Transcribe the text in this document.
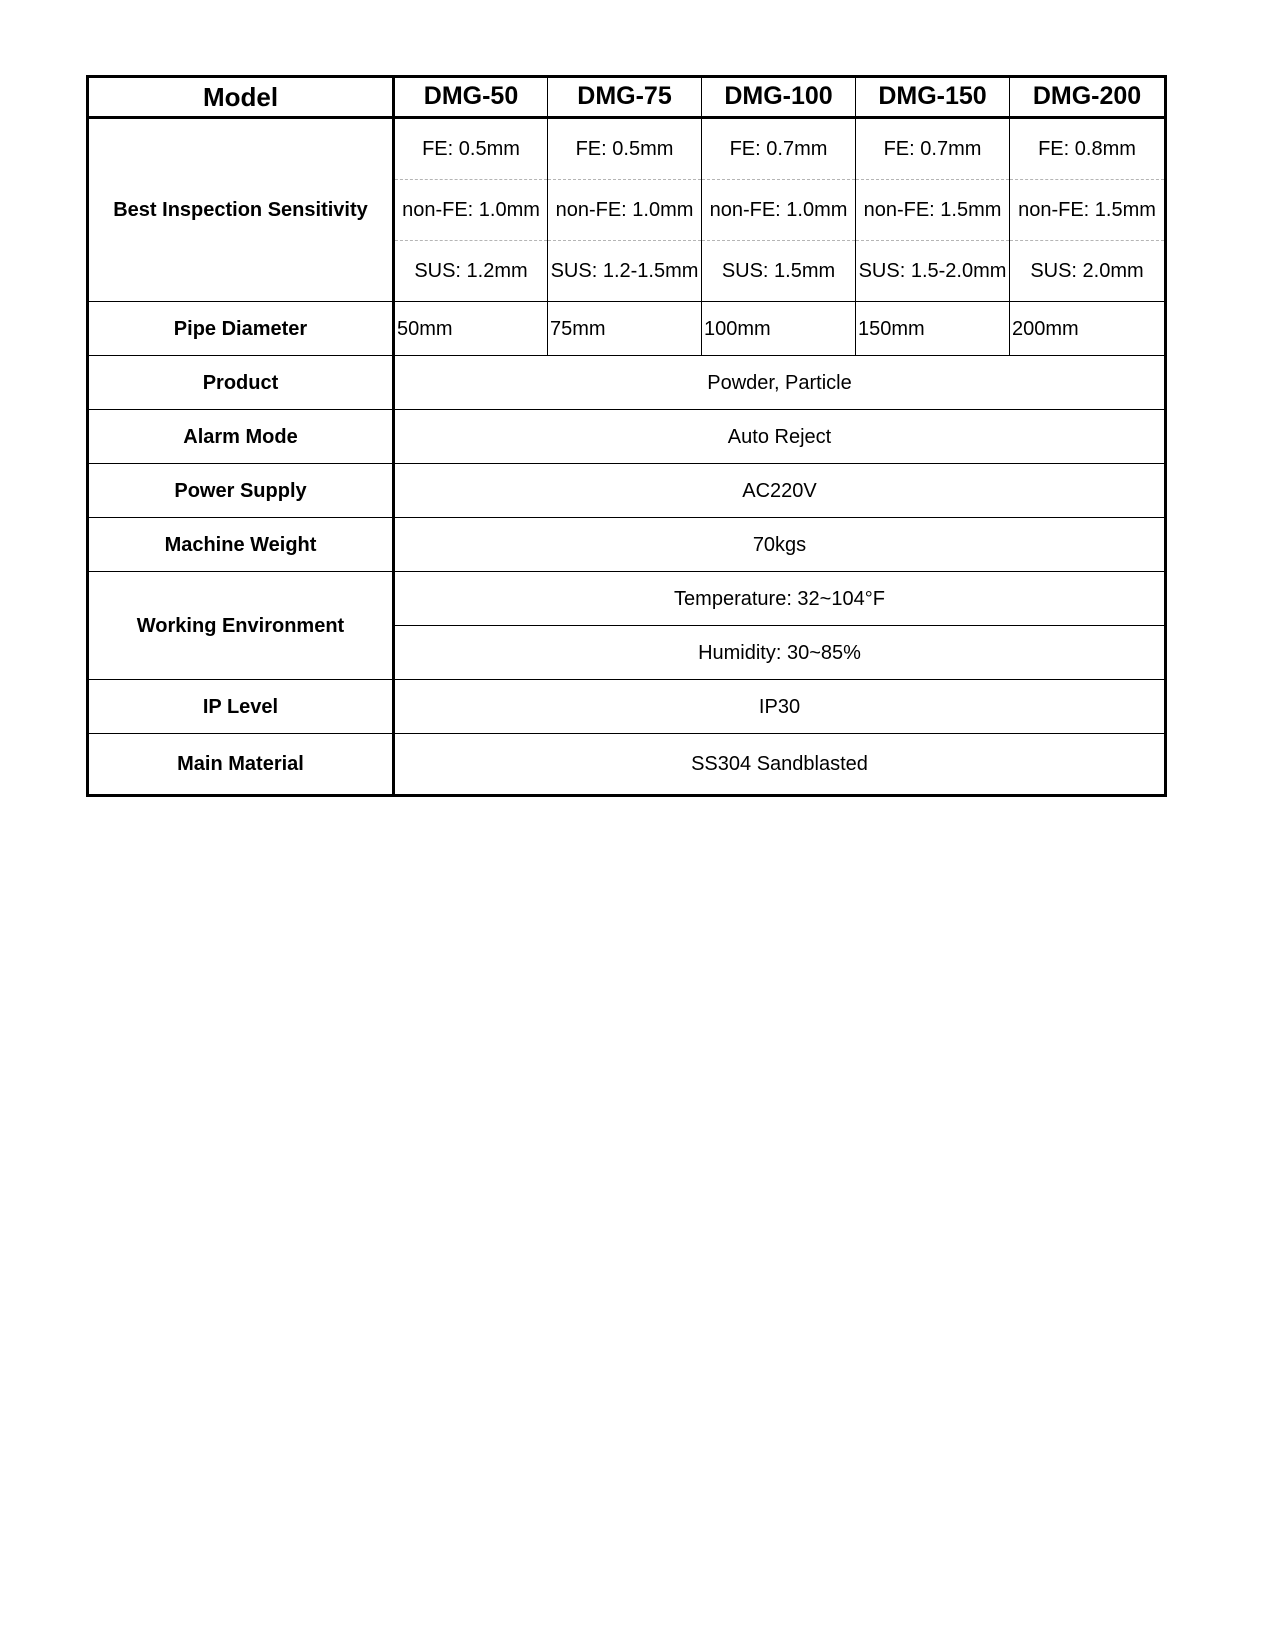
Model	DMG-50	DMG-75	DMG-100	DMG-150	DMG-200
Best Inspection Sensitivity	FE: 0.5mm	FE: 0.5mm	FE: 0.7mm	FE: 0.7mm	FE: 0.8mm
	non-FE: 1.0mm	non-FE: 1.0mm	non-FE: 1.0mm	non-FE: 1.5mm	non-FE: 1.5mm
	SUS: 1.2mm	SUS: 1.2-1.5mm	SUS: 1.5mm	SUS: 1.5-2.0mm	SUS: 2.0mm
Pipe Diameter	50mm	75mm	100mm	150mm	200mm
Product	Powder, Particle				
Alarm Mode	Auto Reject				
Power Supply	AC220V				
Machine Weight	70kgs				
Working Environment	Temperature: 32~104°F				
	Humidity: 30~85%				
IP Level	IP30				
Main Material	SS304 Sandblasted				
